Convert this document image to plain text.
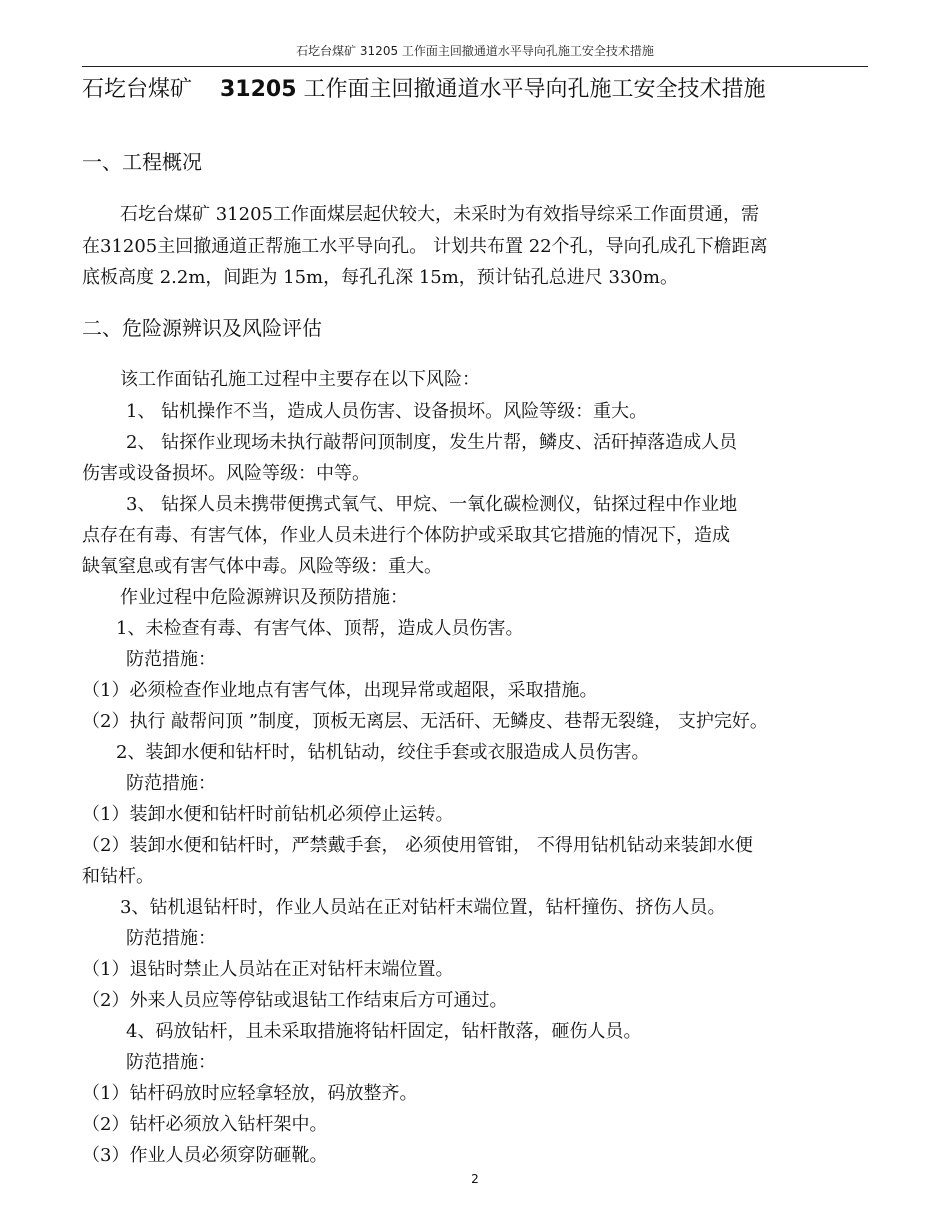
石圪台煤矿 31205 工作面主回撤通道水平导向孔施工安全技术措施
石圪台煤矿 31205 工作面主回撤通道水平导向孔施工安全技术措施
一、工程概况
石圪台煤矿 31205工作面煤层起伏较大，未采时为有效指导综采工作面贯通，需
在31205主回撤通道正帮施工水平导向孔。 计划共布置 22个孔，导向孔成孔下檐距离
底板高度 2.2m，间距为 15m，每孔孔深 15m，预计钻孔总进尺 330m。
二、危险源辨识及风险评估
该工作面钻孔施工过程中主要存在以下风险：
1、 钻机操作不当，造成人员伤害、设备损坏。风险等级：重大。
2、 钻探作业现场未执行敲帮问顶制度，发生片帮，鳞皮、活矸掉落造成人员
伤害或设备损坏。风险等级：中等。
3、 钻探人员未携带便携式氧气、甲烷、一氧化碳检测仪，钻探过程中作业地
点存在有毒、有害气体，作业人员未进行个体防护或采取其它措施的情况下，造成
缺氧窒息或有害气体中毒。风险等级：重大。
作业过程中危险源辨识及预防措施：
1、未检查有毒、有害气体、顶帮，造成人员伤害。
防范措施：
（1）必须检查作业地点有害气体，出现异常或超限，采取措施。
（2）执行 敲帮问顶 ”制度，顶板无离层、无活矸、无鳞皮、巷帮无裂缝， 支护完好。
2、装卸水便和钻杆时，钻机钻动，绞住手套或衣服造成人员伤害。
防范措施：
（1）装卸水便和钻杆时前钻机必须停止运转。
（2）装卸水便和钻杆时，严禁戴手套， 必须使用管钳， 不得用钻机钻动来装卸水便
和钻杆。
3、钻机退钻杆时，作业人员站在正对钻杆末端位置，钻杆撞伤、挤伤人员。
防范措施：
（1）退钻时禁止人员站在正对钻杆末端位置。
（2）外来人员应等停钻或退钻工作结束后方可通过。
4、码放钻杆，且未采取措施将钻杆固定，钻杆散落，砸伤人员。
防范措施：
（1）钻杆码放时应轻拿轻放，码放整齐。
（2）钻杆必须放入钻杆架中。
（3）作业人员必须穿防砸靴。
2
